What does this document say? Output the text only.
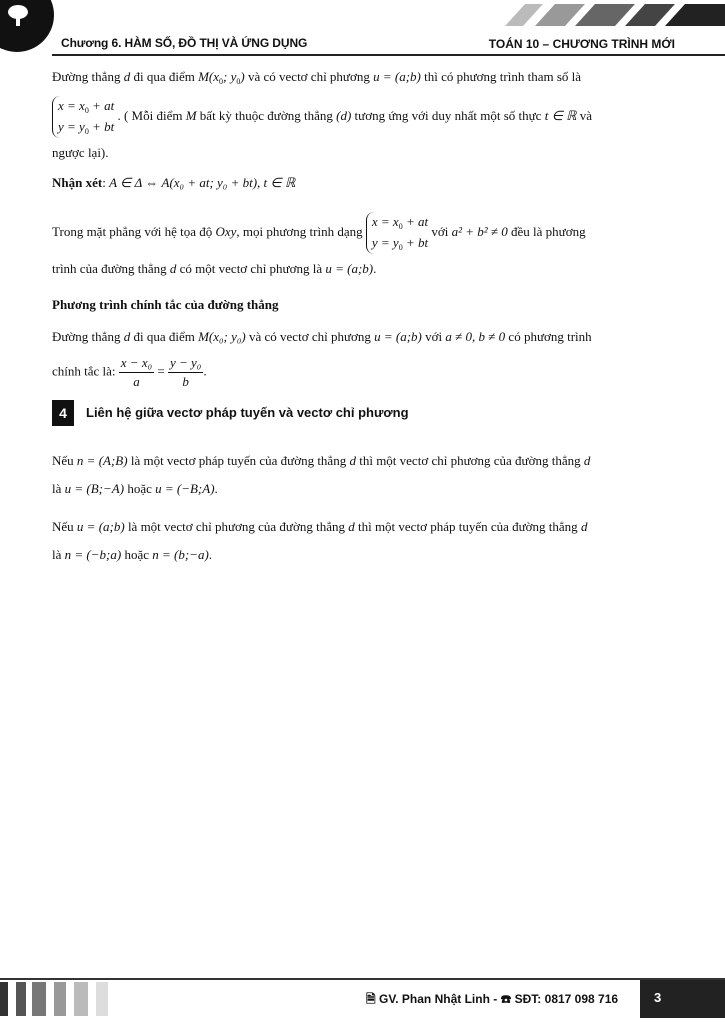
Chương 6. HÀM SỐ, ĐỒ THỊ VÀ ỨNG DỤNG	TOÁN 10 – CHƯƠNG TRÌNH MỚI
Đường thẳng d đi qua điểm $M(x_0$; $y_0$) và có vectơ chỉ phương u = (a;b) thì có phương trình tham số là
$x = x_0$ + at
$y = y_0$ + bt . ( Mỗi điểm M bất kỳ thuộc đường thẳng (d) tương ứng với duy nhất một số thực t ∈ ℝ và
ngược lại).
Nhận xét: A ∈ Δ ⇔ A(x₀ + at; y₀ + bt), t ∈ ℝ
Trong mặt phẳng với hệ tọa độ Oxy, mọi phương trình dạng $x = x_0$ + at
$y = y_0$ + bt với a² + b² ≠ 0 đều là phương
trình của đường thẳng d có một vectơ chỉ phương là u = (a;b).
Phương trình chính tắc của đường thẳng
Đường thẳng d đi qua điểm M(x₀; y₀) và có vectơ chỉ phương u = (a;b) với a ≠ 0, b ≠ 0 có phương trình
chính tắc là: $\frac{\text{x − x₀}}{a} = \frac{\text{y − y₀}}{b}$ .
4	Liên hệ giữa vectơ pháp tuyến và vectơ chỉ phương
Nếu n = (A;B) là một vectơ pháp tuyến của đường thẳng d thì một vectơ chỉ phương của đường thẳng d
là u = (B;−A) hoặc u = (−B;A).
Nếu u = (a;b) là một vectơ chỉ phương của đường thẳng d thì một vectơ pháp tuyến của đường thẳng d
là n = (−b;a) hoặc n = (b;−a).
🗎 GV. Phan Nhật Linh - ☎ SĐT: 0817 098 716	3
